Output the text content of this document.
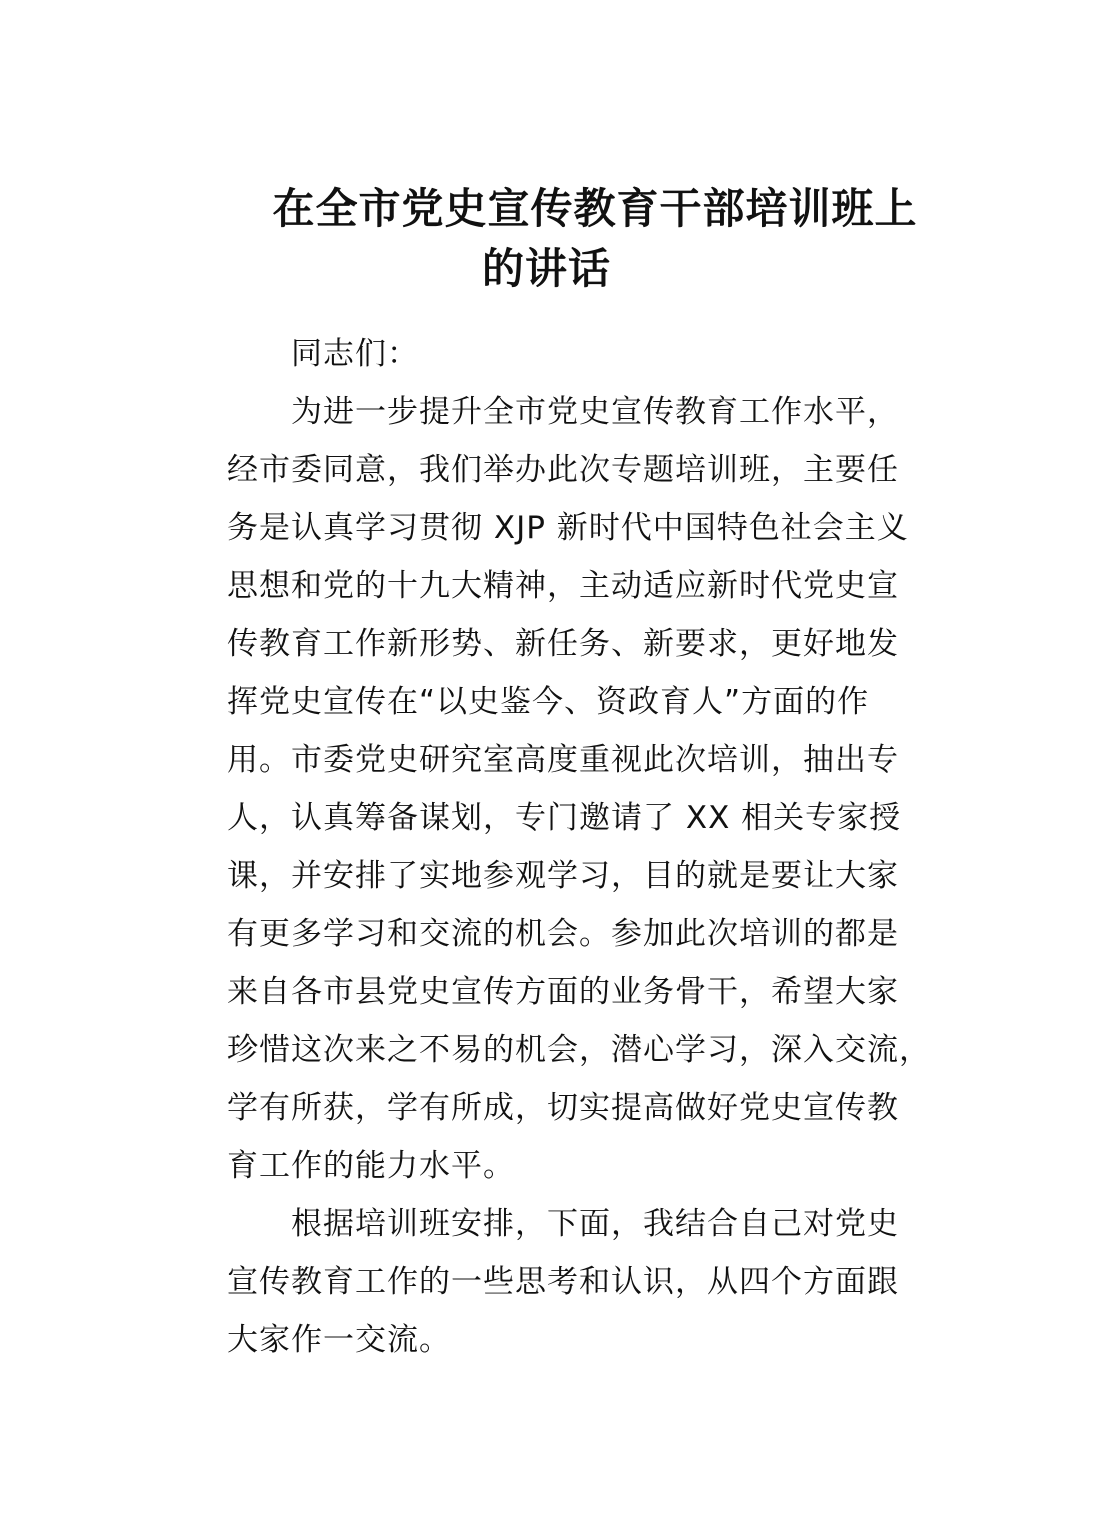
在全市党史宣传教育干部培训班上
的讲话

同志们：

为进一步提升全市党史宣传教育工作水平，

经市委同意，我们举办此次专题培训班，主要任

务是认真学习贯彻 XJP 新时代中国特色社会主义

思想和党的十九大精神，主动适应新时代党史宣

传教育工作新形势、新任务、新要求，更好地发

挥党史宣传在“以史鉴今、资政育人”方面的作

用。市委党史研究室高度重视此次培训，抽出专

人，认真筹备谋划，专门邀请了 XX 相关专家授

课，并安排了实地参观学习，目的就是要让大家

有更多学习和交流的机会。参加此次培训的都是

来自各市县党史宣传方面的业务骨干，希望大家

珍惜这次来之不易的机会，潜心学习，深入交流，

学有所获，学有所成，切实提高做好党史宣传教

育工作的能力水平。

根据培训班安排，下面，我结合自己对党史

宣传教育工作的一些思考和认识，从四个方面跟

大家作一交流。
